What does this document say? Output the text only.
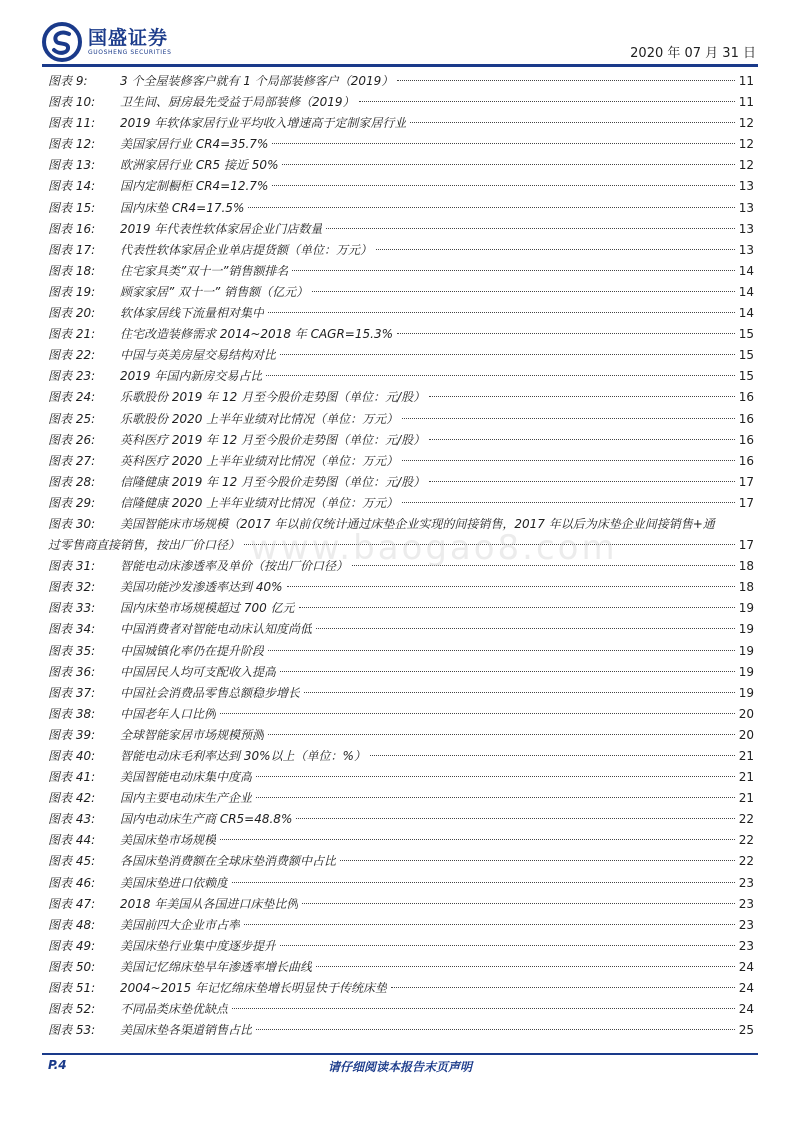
国盛证券
GUOSHENG SECURITIES	2020 年 07 月 31 日
图表 9:	3 个全屋装修客户就有 1 个局部装修客户（2019）	11
图表 10:	卫生间、厨房最先受益于局部装修（2019）	11
图表 11:	2019 年软体家居行业平均收入增速高于定制家居行业	12
图表 12:	美国家居行业 CR4=35.7%	12
图表 13:	欧洲家居行业 CR5 接近 50%	12
图表 14:	国内定制橱柜 CR4=12.7%	13
图表 15:	国内床垫 CR4=17.5%	13
图表 16:	2019 年代表性软体家居企业门店数量	13
图表 17:	代表性软体家居企业单店提货额（单位：万元）	13
图表 18:	住宅家具类”双十一”销售额排名	14
图表 19:	顾家家居” 双十一” 销售额（亿元）	14
图表 20:	软体家居线下流量相对集中	14
图表 21:	住宅改造装修需求 2014~2018 年 CAGR=15.3%	15
图表 22:	中国与英美房屋交易结构对比	15
图表 23:	2019 年国内新房交易占比	15
图表 24:	乐歌股份 2019 年 12 月至今股价走势图（单位：元/股）	16
图表 25:	乐歌股份 2020 上半年业绩对比情况（单位：万元）	16
图表 26:	英科医疗 2019 年 12 月至今股价走势图（单位：元/股）	16
图表 27:	英科医疗 2020 上半年业绩对比情况（单位：万元）	16
图表 28:	信隆健康 2019 年 12 月至今股价走势图（单位：元/股）	17
图表 29:	信隆健康 2020 上半年业绩对比情况（单位：万元）	17
图表 30:	美国智能床市场规模（2017 年以前仅统计通过床垫企业实现的间接销售，2017 年以后为床垫企业间接销售+通
过零售商直接销售，按出厂价口径）	17
图表 31:	智能电动床渗透率及单价（按出厂价口径）	18
图表 32:	美国功能沙发渗透率达到 40%	18
图表 33:	国内床垫市场规模超过 700 亿元	19
图表 34:	中国消费者对智能电动床认知度尚低	19
图表 35:	中国城镇化率仍在提升阶段	19
图表 36:	中国居民人均可支配收入提高	19
图表 37:	中国社会消费品零售总额稳步增长	19
图表 38:	中国老年人口比例	20
图表 39:	全球智能家居市场规模预测	20
图表 40:	智能电动床毛利率达到 30%以上（单位：%）	21
图表 41:	美国智能电动床集中度高	21
图表 42:	国内主要电动床生产企业	21
图表 43:	国内电动床生产商 CR5=48.8%	22
图表 44:	美国床垫市场规模	22
图表 45:	各国床垫消费额在全球床垫消费额中占比	22
图表 46:	美国床垫进口依赖度	23
图表 47:	2018 年美国从各国进口床垫比例	23
图表 48:	美国前四大企业市占率	23
图表 49:	美国床垫行业集中度逐步提升	23
图表 50:	美国记忆绵床垫早年渗透率增长曲线	24
图表 51:	2004~2015 年记忆绵床垫增长明显快于传统床垫	24
图表 52:	不同品类床垫优缺点	24
图表 53:	美国床垫各渠道销售占比	25
www.baogao8.com
P.4	请仔细阅读本报告末页声明
